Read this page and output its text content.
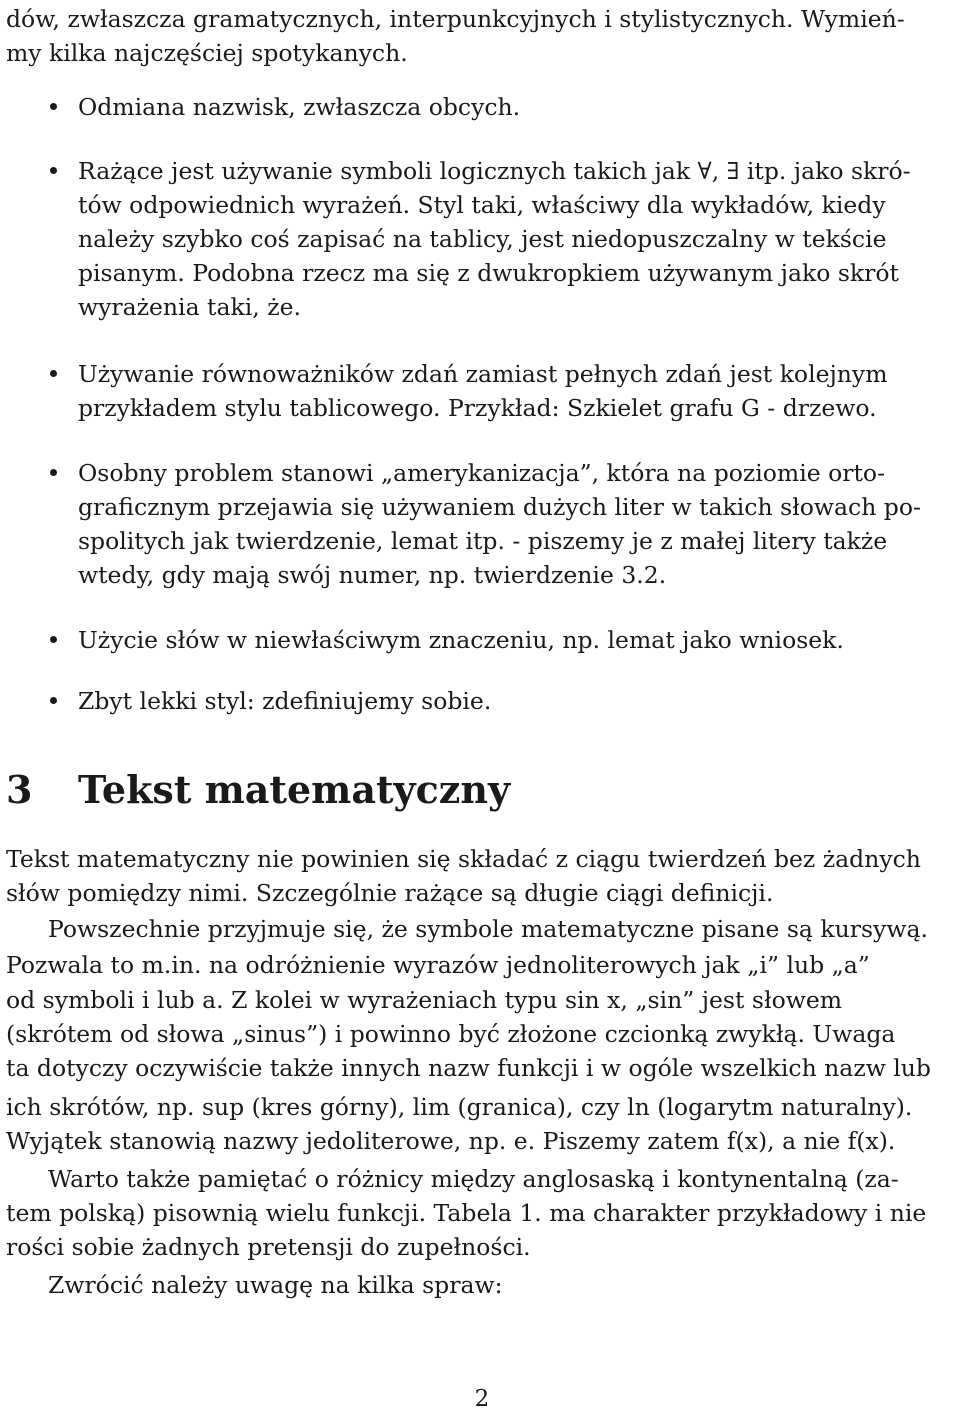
dów, zwłaszcza gramatycznych, interpunkcyjnych i stylistycznych. Wymień-
my kilka najczęściej spotykanych.
Odmiana nazwisk, zwłaszcza obcych.
Rażące jest używanie symboli logicznych takich jak ∀, ∃ itp. jako skró-
tów odpowiednich wyrażeń. Styl taki, właściwy dla wykładów, kiedy
należy szybko coś zapisać na tablicy, jest niedopuszczalny w tekście
pisanym. Podobna rzecz ma się z dwukropkiem używanym jako skrót
wyrażenia taki, że.
Używanie równoważników zdań zamiast pełnych zdań jest kolejnym
przykładem stylu tablicowego. Przykład: Szkielet grafu G - drzewo.
Osobny problem stanowi „amerykanizacja”, która na poziomie orto-
graficznym przejawia się używaniem dużych liter w takich słowach po-
spolitych jak twierdzenie, lemat itp. - piszemy je z małej litery także
wtedy, gdy mają swój numer, np. twierdzenie 3.2.
Użycie słów w niewłaściwym znaczeniu, np. lemat jako wniosek.
Zbyt lekki styl: zdefiniujemy sobie.
3 Tekst matematyczny
Tekst matematyczny nie powinien się składać z ciągu twierdzeń bez żadnych
słów pomiędzy nimi. Szczególnie rażące są długie ciągi definicji.
Powszechnie przyjmuje się, że symbole matematyczne pisane są kursywą.
Pozwala to m.in. na odróżnienie wyrazów jednoliterowych jak „i” lub „a”
od symboli i lub a. Z kolei w wyrażeniach typu sin x, „sin” jest słowem
(skrótem od słowa „sinus”) i powinno być złożone czcionką zwykłą. Uwaga
ta dotyczy oczywiście także innych nazw funkcji i w ogóle wszelkich nazw lub
ich skrótów, np. sup (kres górny), lim (granica), czy ln (logarytm naturalny).
Wyjątek stanowią nazwy jedoliterowe, np. e. Piszemy zatem f(x), a nie f(x).
Warto także pamiętać o różnicy między anglosaską i kontynentalną (za-
tem polską) pisownią wielu funkcji. Tabela 1. ma charakter przykładowy i nie
rości sobie żadnych pretensji do zupełności.
Zwrócić należy uwagę na kilka spraw:
2
